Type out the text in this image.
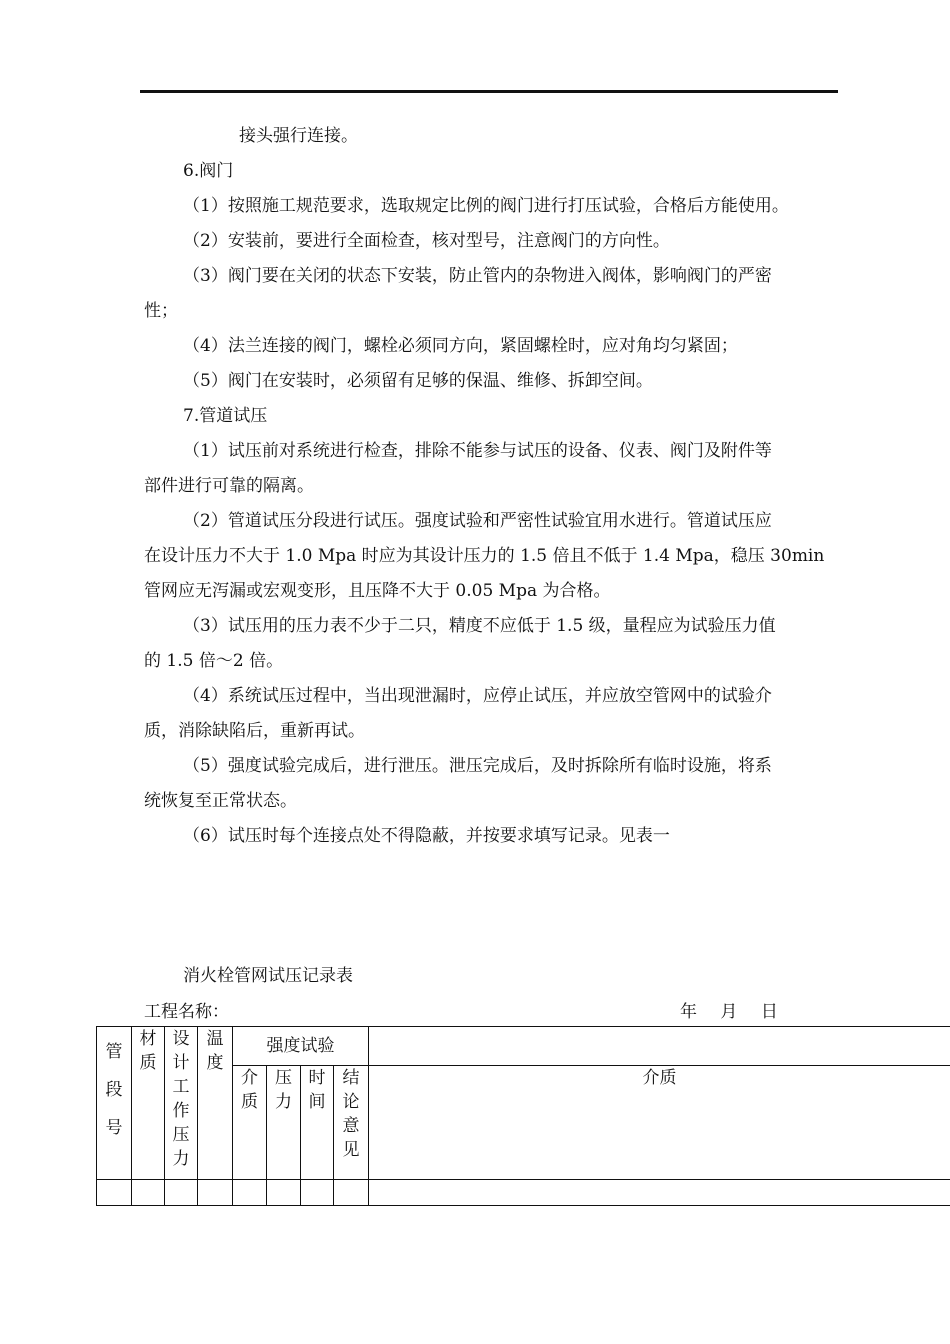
接头强行连接。
6.阀门
（1）按照施工规范要求，选取规定比例的阀门进行打压试验，合格后方能使用。
（2）安装前，要进行全面检查，核对型号，注意阀门的方向性。
（3）阀门要在关闭的状态下安装，防止管内的杂物进入阀体，影响阀门的严密
性；
（4）法兰连接的阀门，螺栓必须同方向，紧固螺栓时，应对角均匀紧固；
（5）阀门在安装时，必须留有足够的保温、维修、拆卸空间。
7.管道试压
（1）试压前对系统进行检查，排除不能参与试压的设备、仪表、阀门及附件等
部件进行可靠的隔离。
（2）管道试压分段进行试压。强度试验和严密性试验宜用水进行。管道试压应
在设计压力不大于 1.0 Mpa 时应为其设计压力的 1.5 倍且不低于 1.4 Mpa，稳压 30min
管网应无泻漏或宏观变形，且压降不大于 0.05 Mpa 为合格。
（3）试压用的压力表不少于二只，精度不应低于 1.5 级，量程应为试验压力值
的 1.5 倍～2 倍。
（4）系统试压过程中，当出现泄漏时，应停止试压，并应放空管网中的试验介
质，消除缺陷后，重新再试。
（5）强度试验完成后，进行泄压。泄压完成后，及时拆除所有临时设施，将系
统恢复至正常状态。
（6）试压时每个连接点处不得隐蔽，并按要求填写记录。见表一
消火栓管网试压记录表
工程名称：	年 月 日
管段号	材质	设计工作压力	温度	强度试验				

				介质	压力	时间	结论意见	介质
